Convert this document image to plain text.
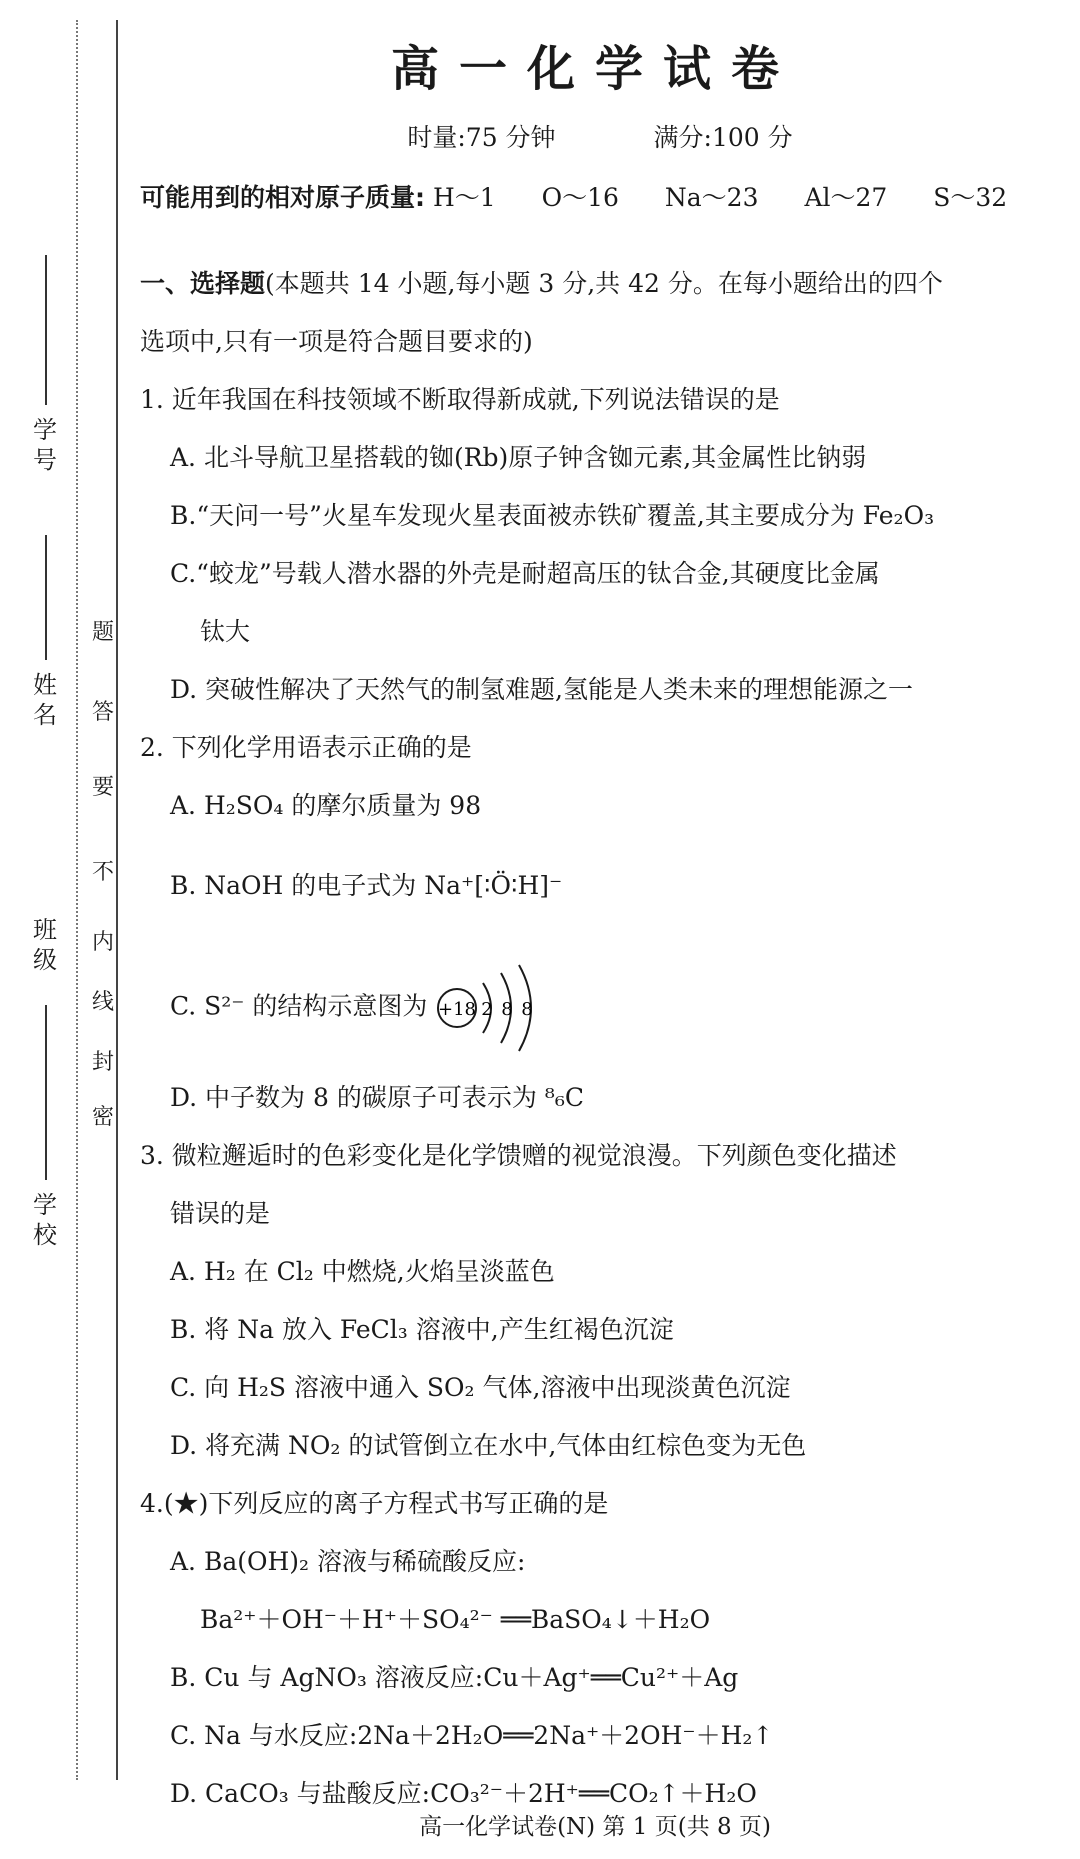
学号
姓名
班级
学校
密
封
线
内
不
要
答
题
高一化学试卷
时量:75 分钟	满分:100 分
可能用到的相对原子质量: H～1 O～16 Na～23 Al～27 S～32
一、选择题(本题共 14 小题,每小题 3 分,共 42 分。在每小题给出的四个
选项中,只有一项是符合题目要求的)
1. 近年我国在科技领域不断取得新成就,下列说法错误的是
A. 北斗导航卫星搭载的铷(Rb)原子钟含铷元素,其金属性比钠弱
B.“天问一号”火星车发现火星表面被赤铁矿覆盖,其主要成分为 Fe₂O₃
C.“蛟龙”号载人潜水器的外壳是耐超高压的钛合金,其硬度比金属
钛大
D. 突破性解决了天然气的制氢难题,氢能是人类未来的理想能源之一
2. 下列化学用语表示正确的是
A. H₂SO₄ 的摩尔质量为 98
B. NaOH 的电子式为 Na⁺[∶Ö∶H]⁻
C. S²⁻ 的结构示意图为 +18 2 8 8
D. 中子数为 8 的碳原子可表示为 ⁸₆C
3. 微粒邂逅时的色彩变化是化学馈赠的视觉浪漫。下列颜色变化描述
错误的是
A. H₂ 在 Cl₂ 中燃烧,火焰呈淡蓝色
B. 将 Na 放入 FeCl₃ 溶液中,产生红褐色沉淀
C. 向 H₂S 溶液中通入 SO₂ 气体,溶液中出现淡黄色沉淀
D. 将充满 NO₂ 的试管倒立在水中,气体由红棕色变为无色
4.(★)下列反应的离子方程式书写正确的是
A. Ba(OH)₂ 溶液与稀硫酸反应:
Ba²⁺＋OH⁻＋H⁺＋SO₄²⁻ ══BaSO₄↓＋H₂O
B. Cu 与 AgNO₃ 溶液反应:Cu＋Ag⁺══Cu²⁺＋Ag
C. Na 与水反应:2Na＋2H₂O══2Na⁺＋2OH⁻＋H₂↑
D. CaCO₃ 与盐酸反应:CO₃²⁻＋2H⁺══CO₂↑＋H₂O
高一化学试卷(N) 第 1 页(共 8 页)
